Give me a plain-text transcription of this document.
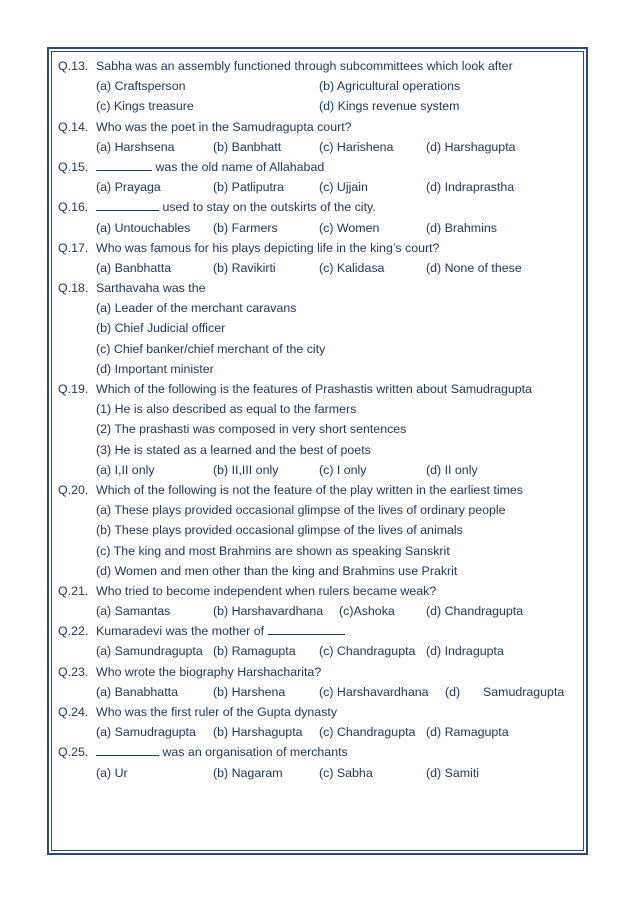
Q.13. Sabha was an assembly functioned through subcommittees which look after
(a) Craftsperson	(b) Agricultural operations
(c) Kings treasure	(d) Kings revenue system
Q.14. Who was the poet in the Samudragupta court?
(a) Harshsena	(b) Banbhatt	(c) Harishena	(d) Harshagupta
Q.15.	was the old name of Allahabad
(a) Prayaga	(b) Patliputra	(c) Ujjain	(d) Indraprastha
Q.16.	used to stay on the outskirts of the city.
(a) Untouchables (b) Farmers	(c) Women	(d) Brahmins
Q.17. Who was famous for his plays depicting life in the king’s court?
(a) Banbhatta	(b) Ravikirti	(c) Kalidasa	(d) None of these
Q.18. Sarthavaha was the
(a) Leader of the merchant caravans
(b) Chief Judicial officer
(c) Chief banker/chief merchant of the city
(d) Important minister
Q.19. Which of the following is the features of Prashastis written about Samudragupta
(1) He is also described as equal to the farmers
(2) The prashasti was composed in very short sentences
(3) He is stated as a learned and the best of poets
(a) I,II only	(b) II,III only	(c) I only	(d) II only
Q.20. Which of the following is not the feature of the play written in the earliest times
(a) These plays provided occasional glimpse of the lives of ordinary people
(b) These plays provided occasional glimpse of the lives of animals
(c) The king and most Brahmins are shown as speaking Sanskrit
(d) Women and men other than the king and Brahmins use Prakrit
Q.21. Who tried to become independent when rulers became weak?
(a) Samantas	(b) Harshavardhana (c)Ashoka	(d) Chandragupta
Q.22. Kumaradevi was the mother of
(a) Samundragupta (b) Ramagupta (c) Chandragupta (d) Indragupta
Q.23. Who wrote the biography Harshacharita?
(a) Banabhatta	(b) Harshena	(c) Harshavardhana (d) Samudragupta
Q.24. Who was the first ruler of the Gupta dynasty
(a) Samudragupta (b) Harshagupta (c) Chandragupta (d) Ramagupta
Q.25.	was an organisation of merchants
(a) Ur	(b) Nagaram	(c) Sabha	(d) Samiti
